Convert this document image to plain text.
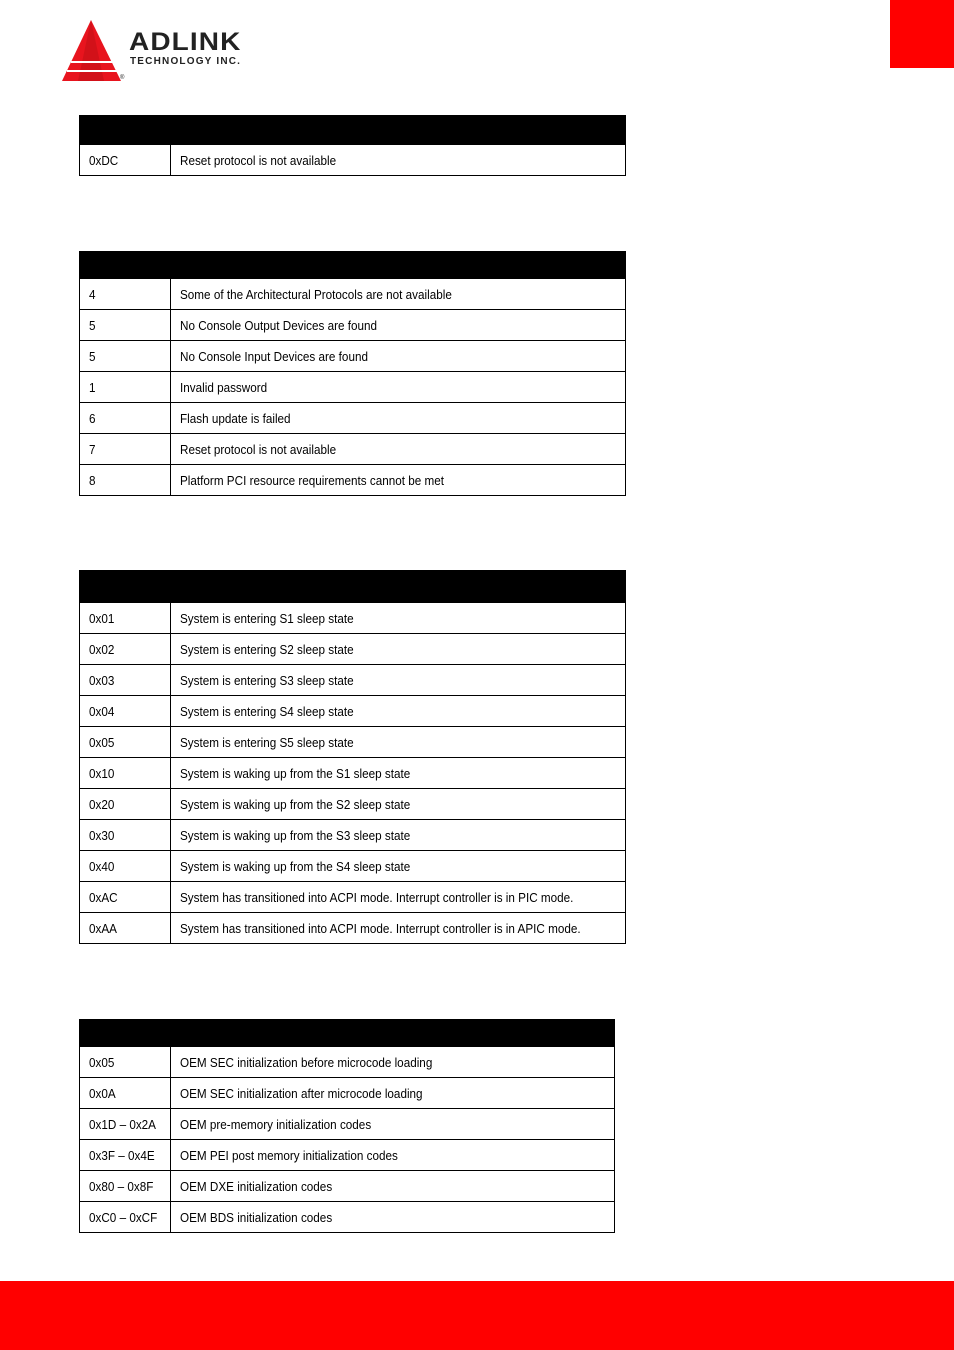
ADLINK
TECHNOLOGY INC.
®

0xDC	Reset protocol is not available

4	Some of the Architectural Protocols are not available
5	No Console Output Devices are found
5	No Console Input Devices are found
1	Invalid password
6	Flash update is failed
7	Reset protocol is not available
8	Platform PCI resource requirements cannot be met

0x01	System is entering S1 sleep state
0x02	System is entering S2 sleep state
0x03	System is entering S3 sleep state
0x04	System is entering S4 sleep state
0x05	System is entering S5 sleep state
0x10	System is waking up from the S1 sleep state
0x20	System is waking up from the S2 sleep state
0x30	System is waking up from the S3 sleep state
0x40	System is waking up from the S4 sleep state
0xAC	System has transitioned into ACPI mode. Interrupt controller is in PIC mode.
0xAA	System has transitioned into ACPI mode. Interrupt controller is in APIC mode.

0x05	OEM SEC initialization before microcode loading
0x0A	OEM SEC initialization after microcode loading
0x1D – 0x2A	OEM pre-memory initialization codes
0x3F – 0x4E	OEM PEI post memory initialization codes
0x80 – 0x8F	OEM DXE initialization codes
0xC0 – 0xCF	OEM BDS initialization codes
